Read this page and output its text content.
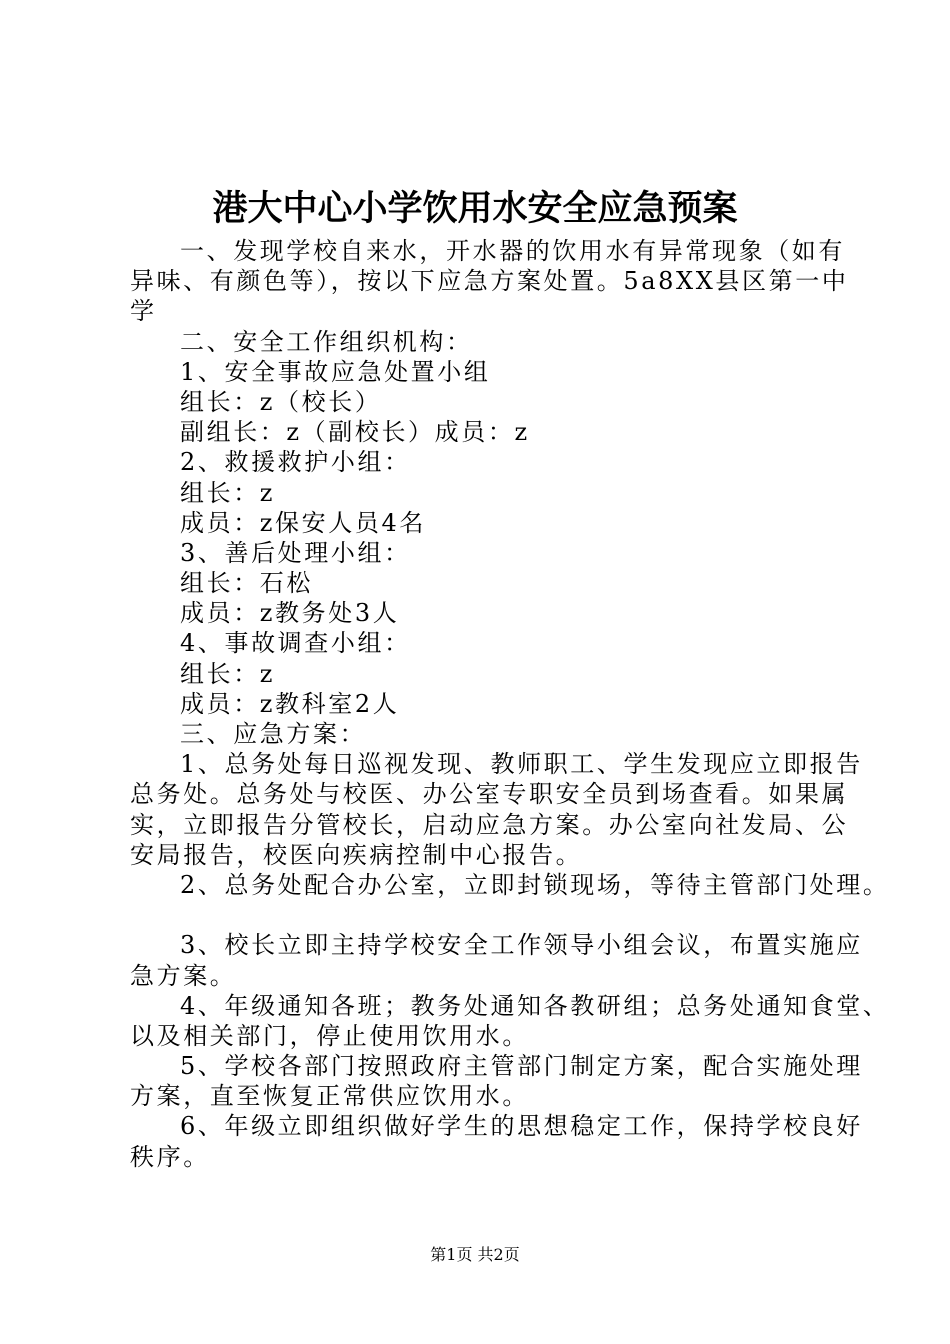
港大中心小学饮用水安全应急预案
一、发现学校自来水，开水器的饮用水有异常现象（如有
异味、有颜色等），按以下应急方案处置。5a8XX县区第一中
学
二、安全工作组织机构：
1、安全事故应急处置小组
组长：z（校长）
副组长：z（副校长）成员：z
2、救援救护小组：
组长：z
成员：z保安人员4名
3、善后处理小组：
组长：石松
成员：z教务处3人
4、事故调查小组：
组长：z
成员：z教科室2人
三、应急方案：
1、总务处每日巡视发现、教师职工、学生发现应立即报告
总务处。总务处与校医、办公室专职安全员到场查看。如果属
实，立即报告分管校长，启动应急方案。办公室向社发局、公
安局报告，校医向疾病控制中心报告。
2、总务处配合办公室，立即封锁现场，等待主管部门处理。
3、校长立即主持学校安全工作领导小组会议，布置实施应
急方案。
4、年级通知各班；教务处通知各教研组；总务处通知食堂、
以及相关部门，停止使用饮用水。
5、学校各部门按照政府主管部门制定方案，配合实施处理
方案，直至恢复正常供应饮用水。
6、年级立即组织做好学生的思想稳定工作，保持学校良好
秩序。
第1页 共2页
